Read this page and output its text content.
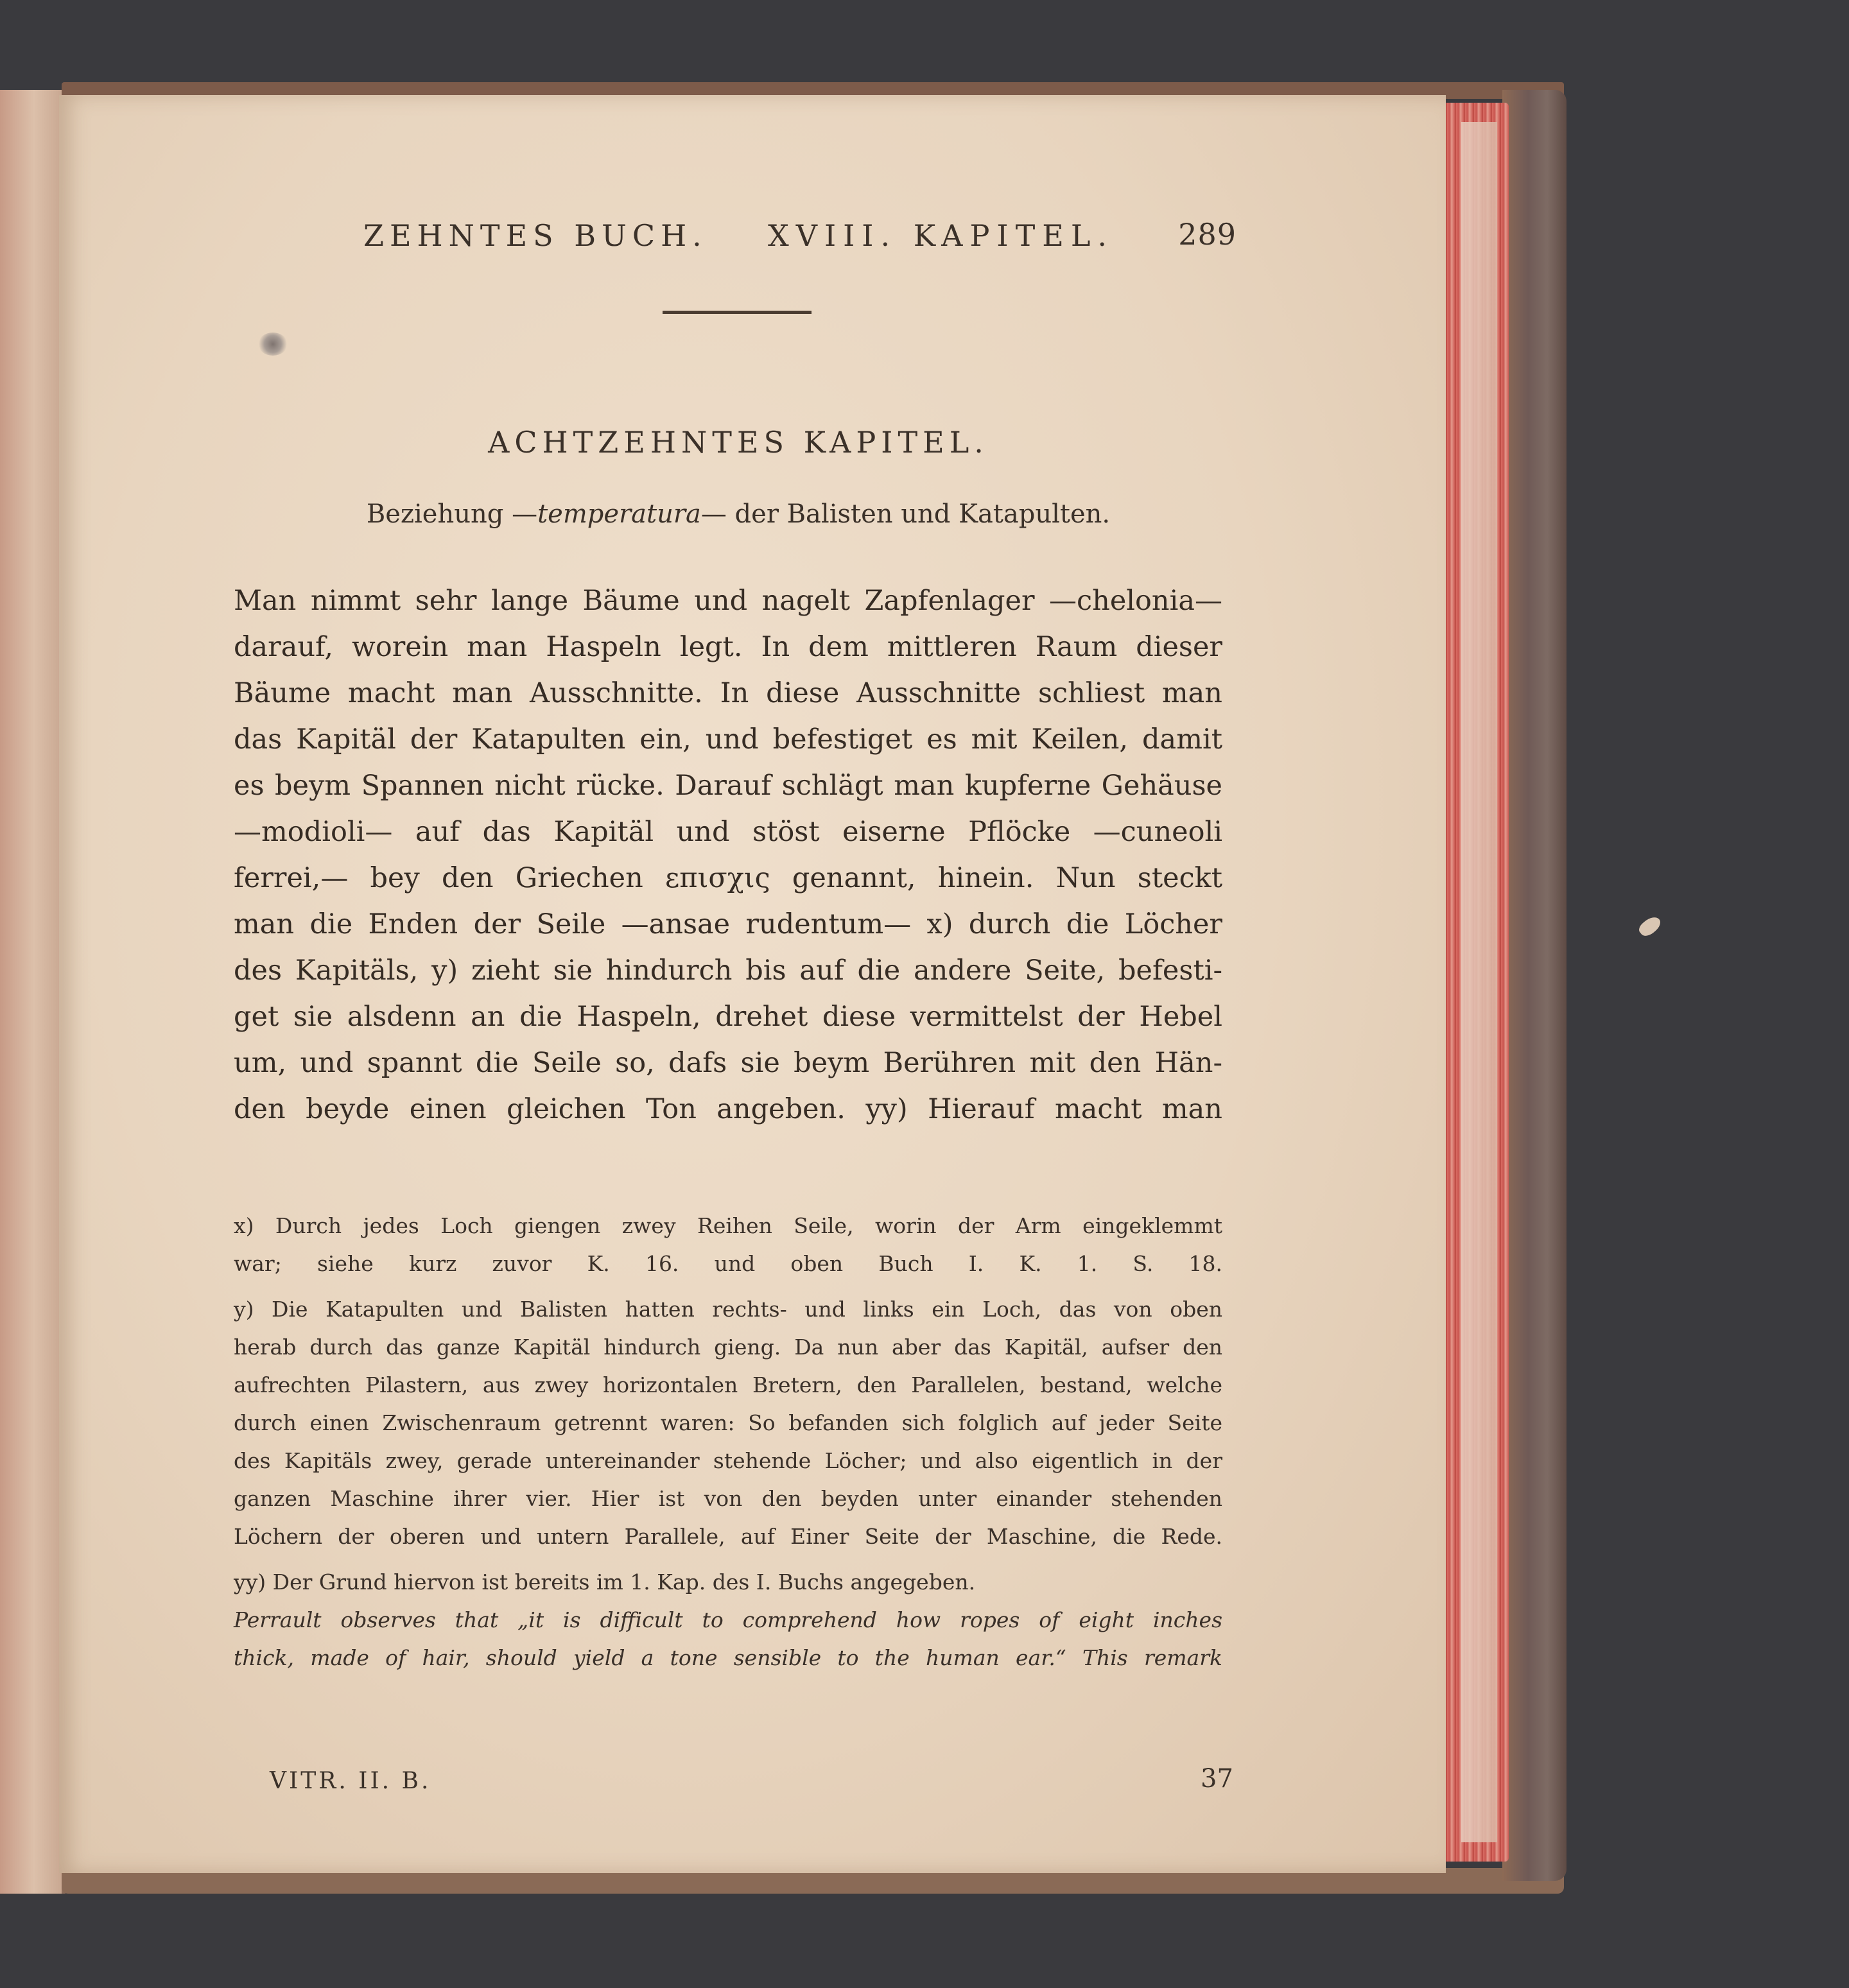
ZEHNTES BUCH. XVIII. KAPITEL. 289
ACHTZEHNTES KAPITEL.
Beziehung —temperatura— der Balisten und Katapulten.
Man nimmt sehr lange Bäume und nagelt Zapfenlager —chelonia—
darauf, worein man Haspeln legt. In dem mittleren Raum dieser
Bäume macht man Ausschnitte. In diese Ausschnitte schliest man
das Kapitäl der Katapulten ein, und befestiget es mit Keilen, damit
es beym Spannen nicht rücke. Darauf schlägt man kupferne Gehäuse
—modioli— auf das Kapitäl und stöst eiserne Pflöcke —cuneoli
ferrei,— bey den Griechen επισχις genannt, hinein. Nun steckt
man die Enden der Seile —ansae rudentum— x) durch die Löcher
des Kapitäls, y) zieht sie hindurch bis auf die andere Seite, befesti-
get sie alsdenn an die Haspeln, drehet diese vermittelst der Hebel
um, und spannt die Seile so, dafs sie beym Berühren mit den Hän-
den beyde einen gleichen Ton angeben. yy) Hierauf macht man
x) Durch jedes Loch giengen zwey Reihen Seile, worin der Arm eingeklemmt
war; siehe kurz zuvor K. 16. und oben Buch I. K. 1. S. 18.
y) Die Katapulten und Balisten hatten rechts- und links ein Loch, das von oben
herab durch das ganze Kapitäl hindurch gieng. Da nun aber das Kapitäl, aufser den
aufrechten Pilastern, aus zwey horizontalen Bretern, den Parallelen, bestand, welche
durch einen Zwischenraum getrennt waren: So befanden sich folglich auf jeder Seite
des Kapitäls zwey, gerade untereinander stehende Löcher; und also eigentlich in der
ganzen Maschine ihrer vier. Hier ist von den beyden unter einander stehenden
Löchern der oberen und untern Parallele, auf Einer Seite der Maschine, die Rede.
yy) Der Grund hiervon ist bereits im 1. Kap. des I. Buchs angegeben.
Perrault observes that „it is difficult to comprehend how ropes of eight inches
thick, made of hair, should yield a tone sensible to the human ear.“ This remark
VITR. II. B.	37
